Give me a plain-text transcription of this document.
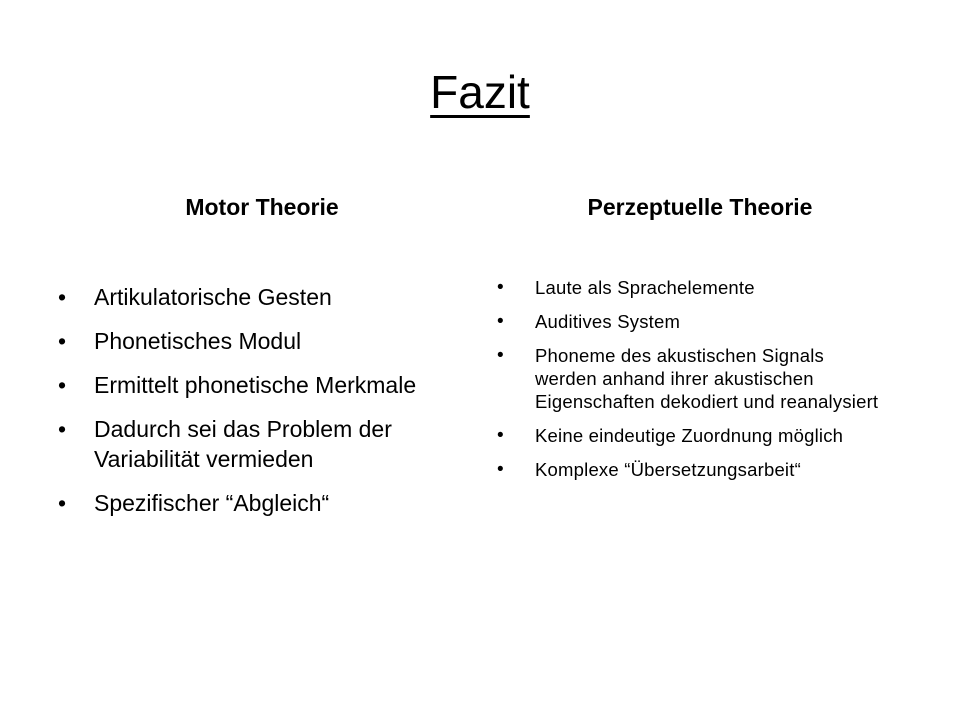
Fazit
Motor Theorie	Perzeptuelle Theorie
• Artikulatorische Gesten
• Phonetisches Modul
• Ermittelt phonetische Merkmale
• Dadurch sei das Problem der Variabilität vermieden
• Spezifischer “Abgleich“
• Laute als Sprachelemente
• Auditives System
• Phoneme des akustischen Signals werden anhand ihrer akustischen Eigenschaften dekodiert und reanalysiert
• Keine eindeutige Zuordnung möglich
• Komplexe “Übersetzungsarbeit“
